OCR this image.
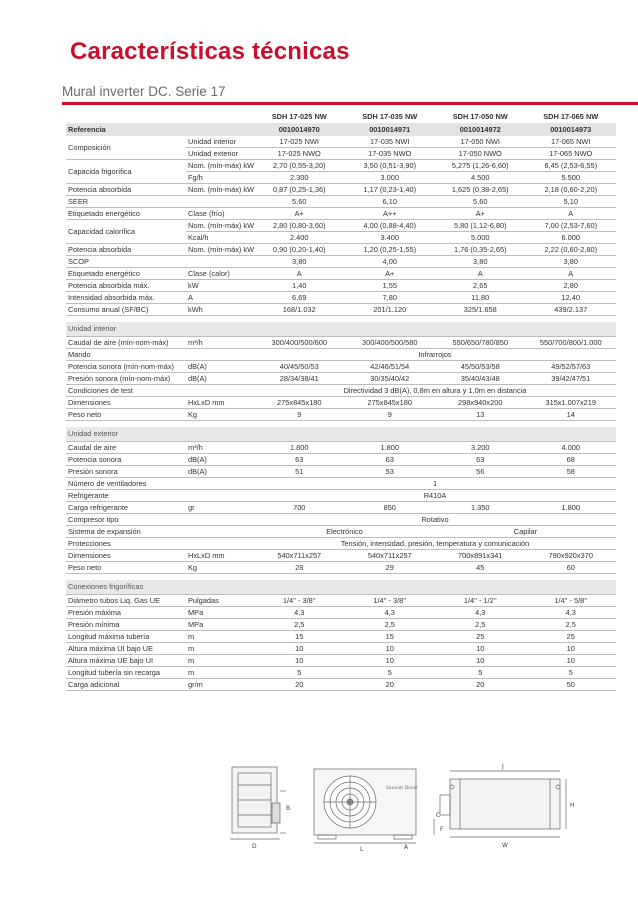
Características técnicas
Mural inverter DC. Serie 17
		SDH 17-025 NW	SDH 17-035 NW	SDH 17-050 NW	SDH 17-065 NW
Referencia		0010014970	0010014971	0010014972	0010014973
Composición	Unidad interior	17-025 NWI	17-035 NWI	17-050 NWI	17-065 NWI
	Unidad exterior	17-025 NWO	17-035 NWO	17-050 NWO	17-065 NWO
Capacida frigorífica	Nom. (mín-máx) kW	2,70 (0,55-3,20)	3,50 (0,51-3,90)	5,275 (1,26-6,60)	6,45 (2,53-6,55)
	Fg/h	2.300	3.000	4.500	5.500
Potencia absorbida	Nom. (mín-máx) kW	0,87 (0,25-1,36)	1,17 (0,23-1,40)	1,625 (0,38-2,65)	2,18 (0,60-2,20)
SEER		5,60	6,10	5,60	5,10
Etiquetado energético	Clase (frío)	A+	A++	A+	A
Capacidad calorífica	Nom. (mín-máx) kW	2,80 (0,80-3,60)	4,00 (0,88-4,40)	5,80 (1,12-6,80)	7,00 (2,53-7,60)
	Kcal/h	2.400	3.400	5.000	6.000
Potencia absorbida	Nom. (mín-máx) kW	0,90 (0,20-1,40)	1,20 (0,25-1,55)	1,76 (0,35-2,65)	2,22 (0,60-2,80)
SCOP		3,80	4,00	3,80	3,80
Etiquetado energético	Clase (calor)	A	A+	A	A
Potencia absorbida máx.	kW	1,40	1,55	2,65	2,80
Intensidad absorbida máx.	A	6,69	7,80	11,80	12,40
Consumo anual (SF/BC)	kWh	168/1.032	201/1.120	325/1.658	439/2.137

Unidad interior					
Caudal de aire (mín-nom-máx)	m³/h	300/400/500/600	300/400/500/580	550/650/780/850	550/700/800/1.000
Mando		Infrarrojos			
Potencia sonora (mín-nom-máx)	dB(A)	40/45/50/53	42/46/51/54	45/50/53/58	49/52/57/63
Presión sonora (mín-nom-máx)	dB(A)	28/34/38/41	30/35/40/42	35/40/43/48	39/42/47/51
Condiciones de test		Directividad 3 dB(A), 0,8m en altura y 1,0m en distancia			
Dimensiones	HxLxD mm	275x845x180	275x845x180	298x940x200	315x1.007x219
Peso neto	Kg	9	9	13	14

Unidad exterior					
Caudal de aire	m³/h	1.800	1.800	3.200	4.000
Potencia sonora	dB(A)	63	63	63	68
Presión sonora	dB(A)	51	53	56	58
Número de ventiladores		1			
Refrigerante		R410A			
Carga refrigerante	gr	700	850	1.350	1.800
Compresor tipo		Rotativo			
Sistema de expansión		Electrónico		Capilar	
Protecciones		Tensión, intensidad, presión, temperatura y comunicación			
Dimensiones	HxLxD mm	540x711x257	540x711x257	700x891x341	790x920x370
Peso neto	Kg	28	29	45	60

Conexiones frigoríficas					
Diámetro tubos Liq. Gas UE	Pulgadas	1/4'' - 3/8''	1/4'' - 3/8''	1/4'' - 1/2''	1/4'' - 5/8''
Presión máxima	MPa	4,3	4,3	4,3	4,3
Presión mínima	MPa	2,5	2,5	2,5	2,5
Longitud máxima tubería	m	15	15	25	25
Altura máxima UI bajo UE	m	10	10	10	10
Altura máxima UE bajo UI	m	10	10	10	10
Longitud tubería sin recarga	m	5	5	5	5
Carga adicional	gr/m	20	20	20	50
B
D
Saunier Duval
L	A
J
C
F
W
H
